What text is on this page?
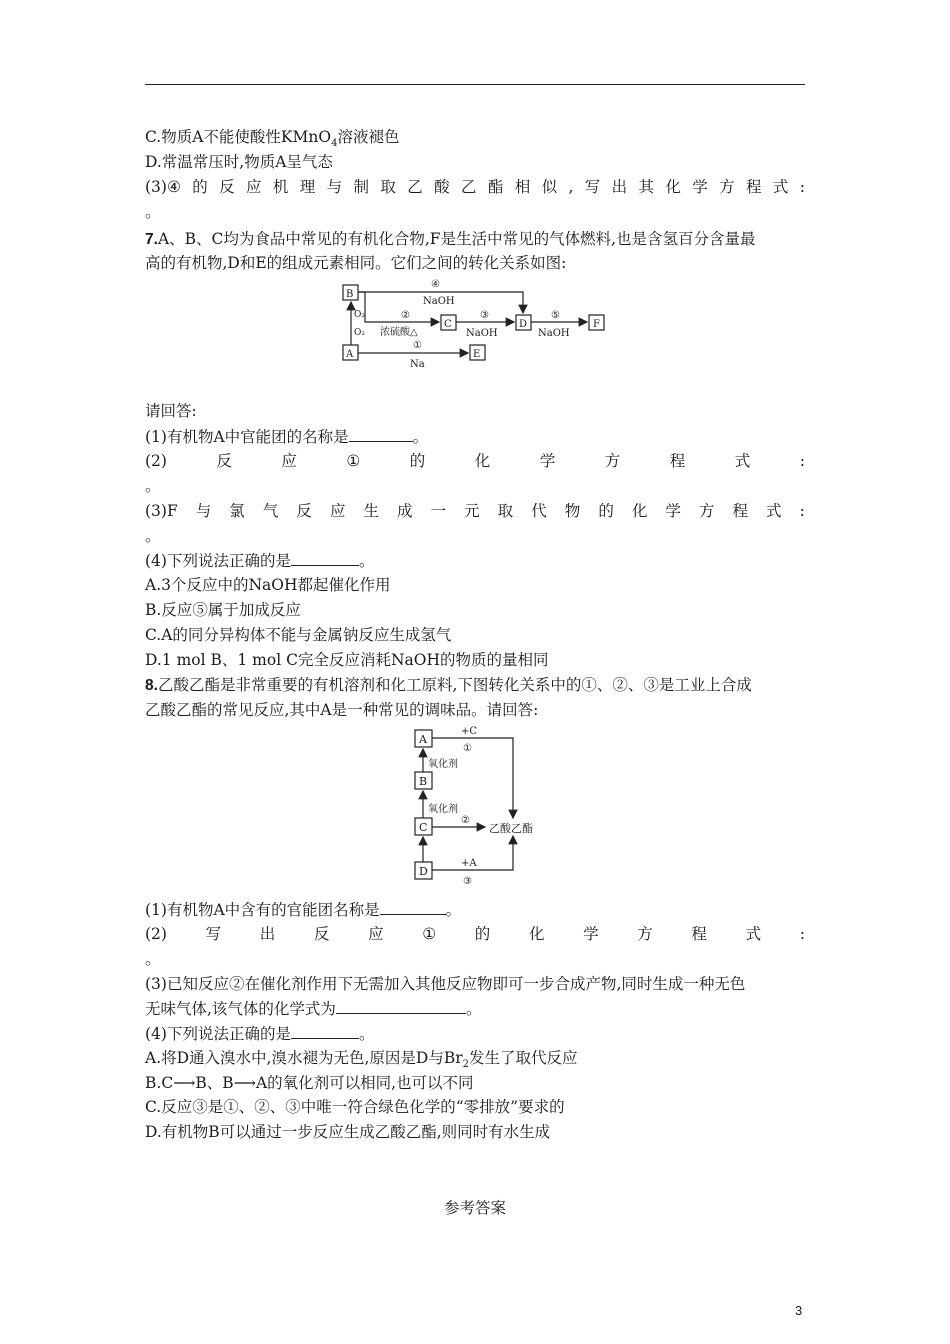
C.物质A不能使酸性KMnO$_4$溶液褪色
D.常温常压时,物质A呈气态
(3)④ 的 反 应 机 理 与 制 取 乙 酸 乙 酯 相 似 , 写 出 其 化 学 方 程 式 :
。
7.A、B、C均为食品中常见的有机化合物,F是生活中常见的气体燃料,也是含氢百分含量最
高的有机物,D和E的组成元素相同。它们之间的转化关系如图:
B
A
C	D	F
E
④
NaOH
②
浓硫酸△
③
NaOH
⑤
NaOH
①
Na
O₂
O₂
请回答:
(1)有机物A中官能团的名称是	。
(2)	反	应	①	的	化	学	方	程	式	:
。
(3)F 与 氯 气 反 应 生 成 一 元 取 代 物 的 化 学 方 程 式 :
。
(4)下列说法正确的是	。
A.3个反应中的NaOH都起催化作用
B.反应⑤属于加成反应
C.A的同分异构体不能与金属钠反应生成氢气
D.1 mol B、1 mol C完全反应消耗NaOH的物质的量相同
8.乙酸乙酯是非常重要的有机溶剂和化工原料,下图转化关系中的①、②、③是工业上合成
乙酸乙酯的常见反应,其中A是一种常见的调味品。请回答:
A
B
C
D
+C
①
氧化剂
氧化剂
②
乙酸乙酯
+A
③
(1)有机物A中含有的官能团名称是	。
(2) 写 出 反 应 ① 的 化 学 方 程 式 :
。
(3)已知反应②在催化剂作用下无需加入其他反应物即可一步合成产物,同时生成一种无色
无味气体,该气体的化学式为	。
(4)下列说法正确的是	。
A.将D通入溴水中,溴水褪为无色,原因是D与$Br_2$发生了取代反应
B.C⟶B、B⟶A的氧化剂可以相同,也可以不同
C.反应③是①、②、③中唯一符合绿色化学的“零排放”要求的
D.有机物B可以通过一步反应生成乙酸乙酯,则同时有水生成
参考答案
3
